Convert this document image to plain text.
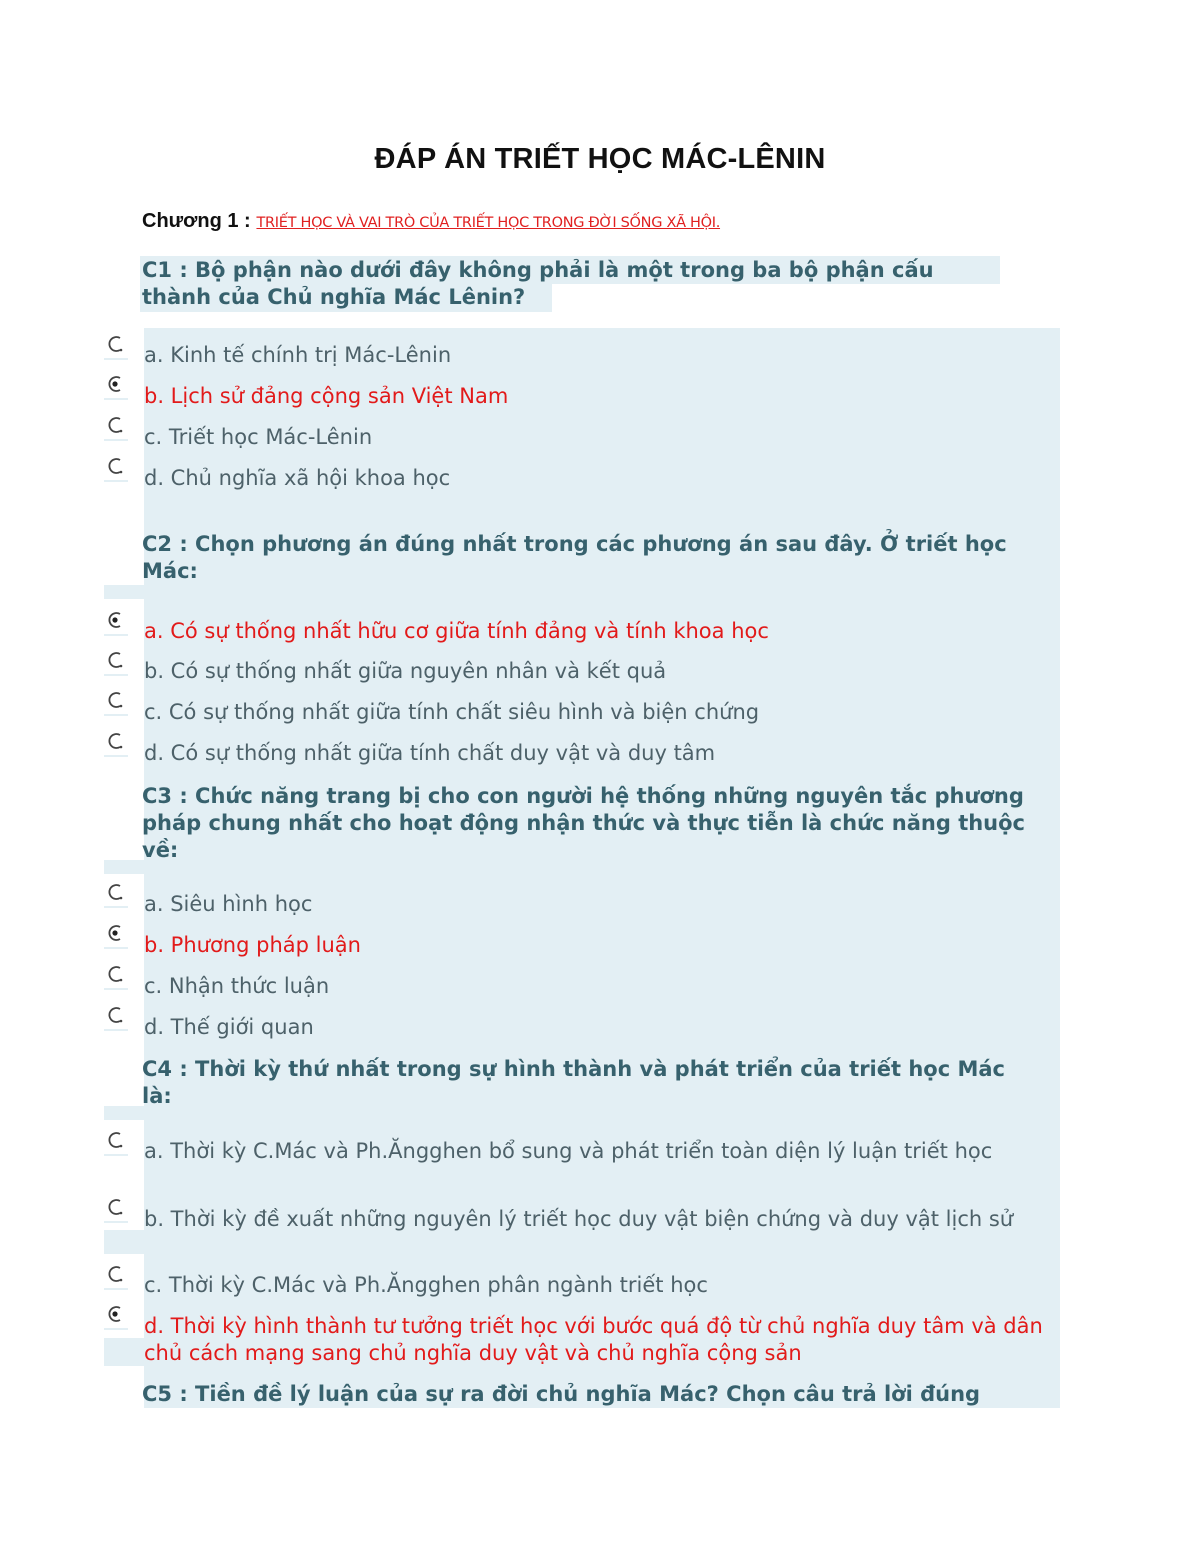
ĐÁP ÁN TRIẾT HỌC MÁC-LÊNIN
Chương 1 : TRIẾT HỌC VÀ VAI TRÒ CỦA TRIẾT HỌC TRONG ĐỜI SỐNG XÃ HỘI.
C1 : Bộ phận nào dưới đây không phải là một trong ba bộ phận cấu thành của Chủ nghĩa Mác Lênin?
a. Kinh tế chính trị Mác-Lênin
b. Lịch sử đảng cộng sản Việt Nam
c. Triết học Mác-Lênin
d. Chủ nghĩa xã hội khoa học
C2 : Chọn phương án đúng nhất trong các phương án sau đây. Ở triết học Mác:
a. Có sự thống nhất hữu cơ giữa tính đảng và tính khoa học
b. Có sự thống nhất giữa nguyên nhân và kết quả
c. Có sự thống nhất giữa tính chất siêu hình và biện chứng
d. Có sự thống nhất giữa tính chất duy vật và duy tâm
C3 : Chức năng trang bị cho con người hệ thống những nguyên tắc phương pháp chung nhất cho hoạt động nhận thức và thực tiễn là chức năng thuộc về:
a. Siêu hình học
b. Phương pháp luận
c. Nhận thức luận
d. Thế giới quan
C4 : Thời kỳ thứ nhất trong sự hình thành và phát triển của triết học Mác là:
a. Thời kỳ C.Mác và Ph.Ăngghen bổ sung và phát triển toàn diện lý luận triết học
b. Thời kỳ đề xuất những nguyên lý triết học duy vật biện chứng và duy vật lịch sử
c. Thời kỳ C.Mác và Ph.Ăngghen phân ngành triết học
d. Thời kỳ hình thành tư tưởng triết học với bước quá độ từ chủ nghĩa duy tâm và dân chủ cách mạng sang chủ nghĩa duy vật và chủ nghĩa cộng sản
C5 : Tiền đề lý luận của sự ra đời chủ nghĩa Mác? Chọn câu trả lời đúng
